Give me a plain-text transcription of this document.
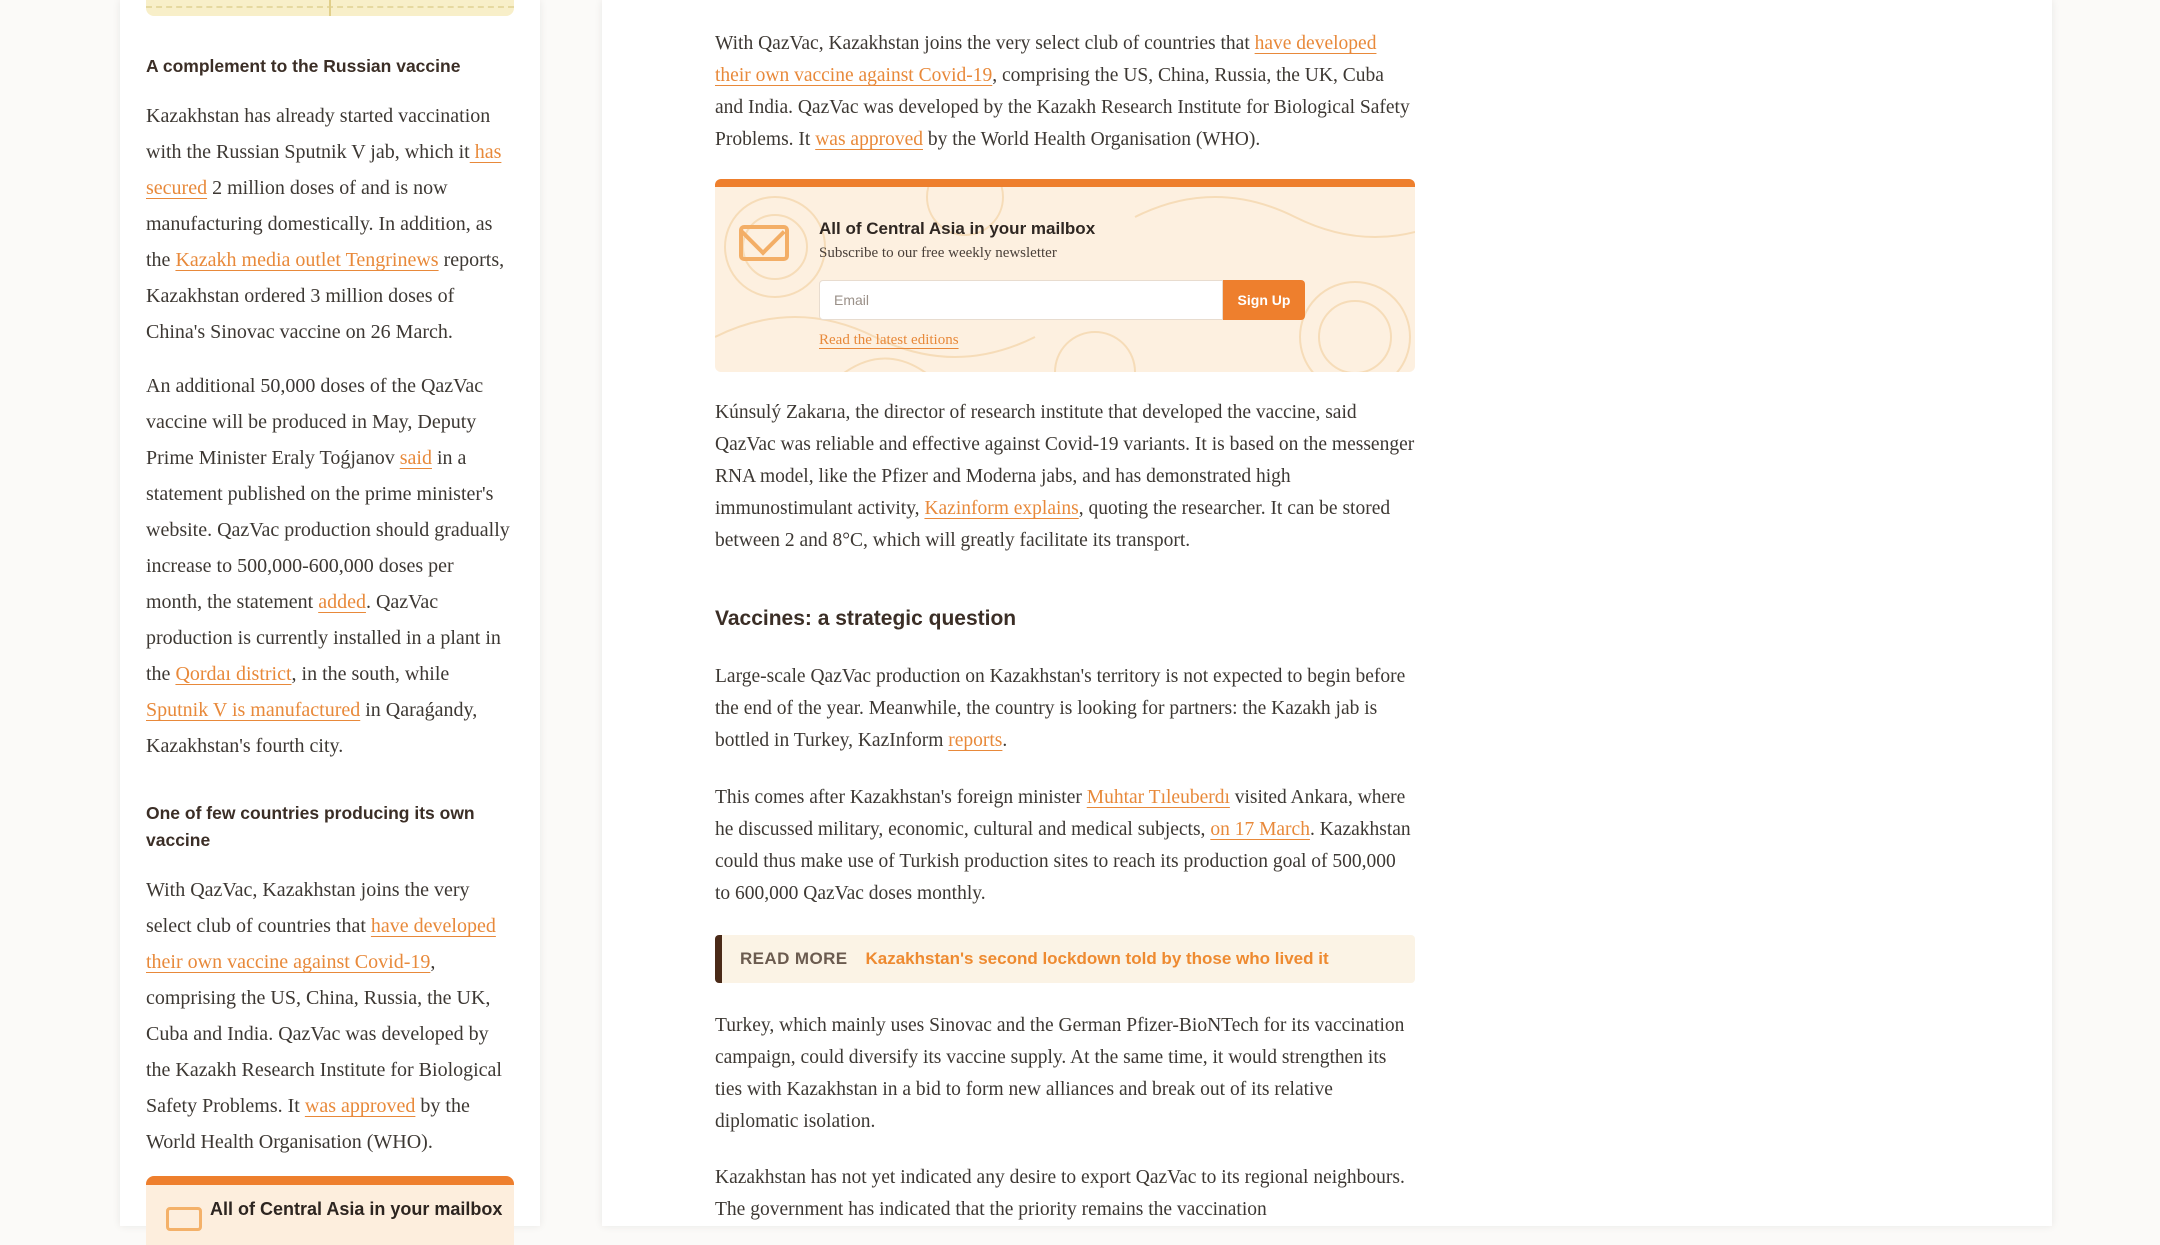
A complement to the Russian vaccine

Kazakhstan has already started vaccination with the Russian Sputnik V jab, which it has secured 2 million doses of and is now manufacturing domestically. In addition, as the Kazakh media outlet Tengrinews reports, Kazakhstan ordered 3 million doses of China's Sinovac vaccine on 26 March.

An additional 50,000 doses of the QazVac vaccine will be produced in May, Deputy Prime Minister Eraly Toǵjanov said in a statement published on the prime minister's website. QazVac production should gradually increase to 500,000-600,000 doses per month, the statement added. QazVac production is currently installed in a plant in the Qordaı district, in the south, while Sputnik V is manufactured in Qaraǵandy, Kazakhstan's fourth city.

One of few countries producing its own vaccine

With QazVac, Kazakhstan joins the very select club of countries that have developed their own vaccine against Covid-19, comprising the US, China, Russia, the UK, Cuba and India. QazVac was developed by the Kazakh Research Institute for Biological Safety Problems. It was approved by the World Health Organisation (WHO).

All of Central Asia in your mailbox

With QazVac, Kazakhstan joins the very select club of countries that have developed their own vaccine against Covid-19, comprising the US, China, Russia, the UK, Cuba and India. QazVac was developed by the Kazakh Research Institute for Biological Safety Problems. It was approved by the World Health Organisation (WHO).

All of Central Asia in your mailbox
Subscribe to our free weekly newsletter
Email
Sign Up
Read the latest editions

Kúnsulý Zakarıa, the director of research institute that developed the vaccine, said QazVac was reliable and effective against Covid-19 variants. It is based on the messenger RNA model, like the Pfizer and Moderna jabs, and has demonstrated high immunostimulant activity, Kazinform explains, quoting the researcher. It can be stored between 2 and 8°C, which will greatly facilitate its transport.

Vaccines: a strategic question

Large-scale QazVac production on Kazakhstan's territory is not expected to begin before the end of the year. Meanwhile, the country is looking for partners: the Kazakh jab is bottled in Turkey, KazInform reports.

This comes after Kazakhstan's foreign minister Muhtar Tıleuberdı visited Ankara, where he discussed military, economic, cultural and medical subjects, on 17 March. Kazakhstan could thus make use of Turkish production sites to reach its production goal of 500,000 to 600,000 QazVac doses monthly.

READ MORE Kazakhstan's second lockdown told by those who lived it

Turkey, which mainly uses Sinovac and the German Pfizer-BioNTech for its vaccination campaign, could diversify its vaccine supply. At the same time, it would strengthen its ties with Kazakhstan in a bid to form new alliances and break out of its relative diplomatic isolation.

Kazakhstan has not yet indicated any desire to export QazVac to its regional neighbours. The government has indicated that the priority remains the vaccination
